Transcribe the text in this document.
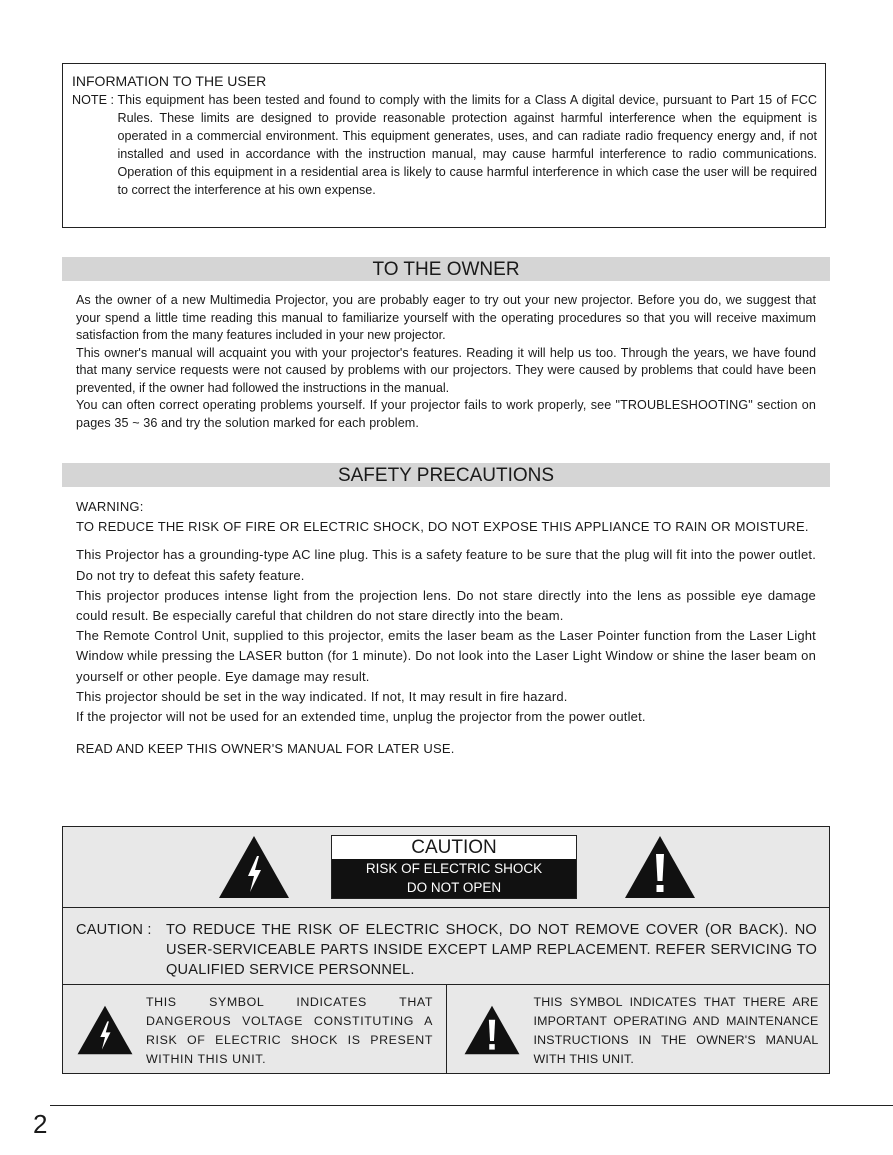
INFORMATION TO THE USER
NOTE : This equipment has been tested and found to comply with the limits for a Class A digital device, pursuant to Part 15 of FCC Rules. These limits are designed to provide reasonable protection against harmful interference when the equipment is operated in a commercial environment. This equipment generates, uses, and can radiate radio frequency energy and, if not installed and used in accordance with the instruction manual, may cause harmful interference to radio communications. Operation of this equipment in a residential area is likely to cause harmful interference in which case the user will be required to correct the interference at his own expense.
TO THE OWNER

As the owner of a new Multimedia Projector, you are probably eager to try out your new projector. Before you do, we suggest that your spend a little time reading this manual to familiarize yourself with the operating procedures so that you will receive maximum satisfaction from the many features included in your new projector.

This owner's manual will acquaint you with your projector's features. Reading it will help us too. Through the years, we have found that many service requests were not caused by problems with our projectors. They were caused by problems that could have been prevented, if the owner had followed the instructions in the manual.

You can often correct operating problems yourself. If your projector fails to work properly, see "TROUBLESHOOTING" section on pages 35 ~ 36 and try the solution marked for each problem.

SAFETY PRECAUTIONS

WARNING:

TO REDUCE THE RISK OF FIRE OR ELECTRIC SHOCK, DO NOT EXPOSE THIS APPLIANCE TO RAIN OR MOISTURE.

This Projector has a grounding-type AC line plug. This is a safety feature to be sure that the plug will fit into the power outlet. Do not try to defeat this safety feature.

This projector produces intense light from the projection lens. Do not stare directly into the lens as possible eye damage could result. Be especially careful that children do not stare directly into the beam.

The Remote Control Unit, supplied to this projector, emits the laser beam as the Laser Pointer function from the Laser Light Window while pressing the LASER button (for 1 minute). Do not look into the Laser Light Window or shine the laser beam on yourself or other people. Eye damage may result.

This projector should be set in the way indicated. If not, It may result in fire hazard.

If the projector will not be used for an extended time, unplug the projector from the power outlet.

READ AND KEEP THIS OWNER'S MANUAL FOR LATER USE.

CAUTION
RISK OF ELECTRIC SHOCK
DO NOT OPEN
CAUTION : TO REDUCE THE RISK OF ELECTRIC SHOCK, DO NOT REMOVE COVER (OR BACK). NO USER-SERVICEABLE PARTS INSIDE EXCEPT LAMP REPLACEMENT. REFER SERVICING TO QUALIFIED SERVICE PERSONNEL.
THIS SYMBOL INDICATES THAT DANGEROUS VOLTAGE CONSTITUTING A RISK OF ELECTRIC SHOCK IS PRESENT WITHIN THIS UNIT.
THIS SYMBOL INDICATES THAT THERE ARE IMPORTANT OPERATING AND MAINTENANCE INSTRUCTIONS IN THE OWNER'S MANUAL WITH THIS UNIT.
2
